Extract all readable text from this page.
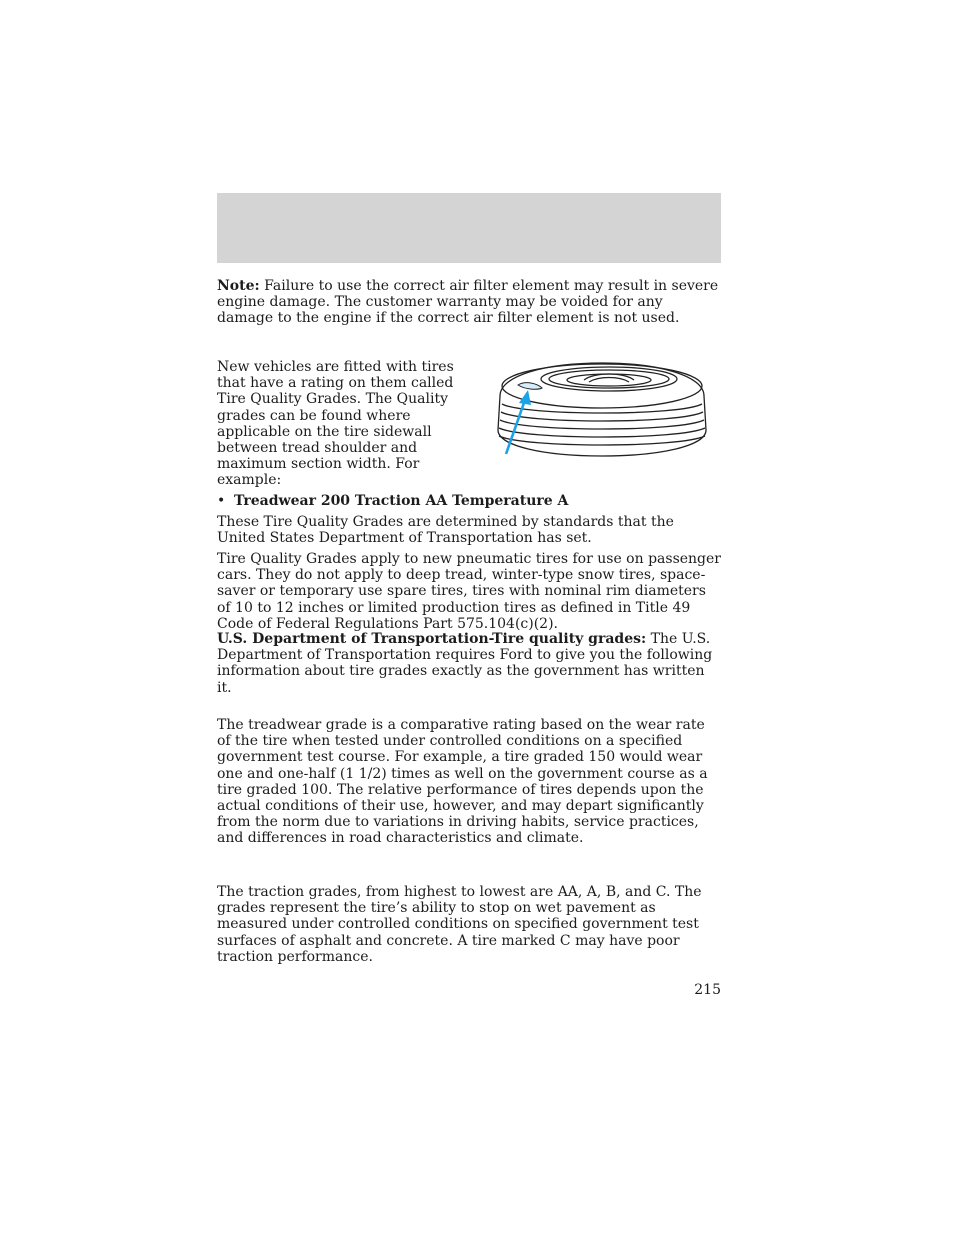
Note: Failure to use the correct air filter element may result in severe engine damage. The customer warranty may be voided for any damage to the engine if the correct air filter element is not used.

New vehicles are fitted with tires that have a rating on them called Tire Quality Grades. The Quality grades can be found where applicable on the tire sidewall between tread shoulder and maximum section width. For example:

• Treadwear 200 Traction AA Temperature A

These Tire Quality Grades are determined by standards that the United States Department of Transportation has set.

Tire Quality Grades apply to new pneumatic tires for use on passenger cars. They do not apply to deep tread, winter-type snow tires, space-saver or temporary use spare tires, tires with nominal rim diameters of 10 to 12 inches or limited production tires as defined in Title 49 Code of Federal Regulations Part 575.104(c)(2).

U.S. Department of Transportation-Tire quality grades: The U.S. Department of Transportation requires Ford to give you the following information about tire grades exactly as the government has written it.

The treadwear grade is a comparative rating based on the wear rate of the tire when tested under controlled conditions on a specified government test course. For example, a tire graded 150 would wear one and one-half (1 1/2) times as well on the government course as a tire graded 100. The relative performance of tires depends upon the actual conditions of their use, however, and may depart significantly from the norm due to variations in driving habits, service practices, and differences in road characteristics and climate.

The traction grades, from highest to lowest are AA, A, B, and C. The grades represent the tire’s ability to stop on wet pavement as measured under controlled conditions on specified government test surfaces of asphalt and concrete. A tire marked C may have poor traction performance.

215
